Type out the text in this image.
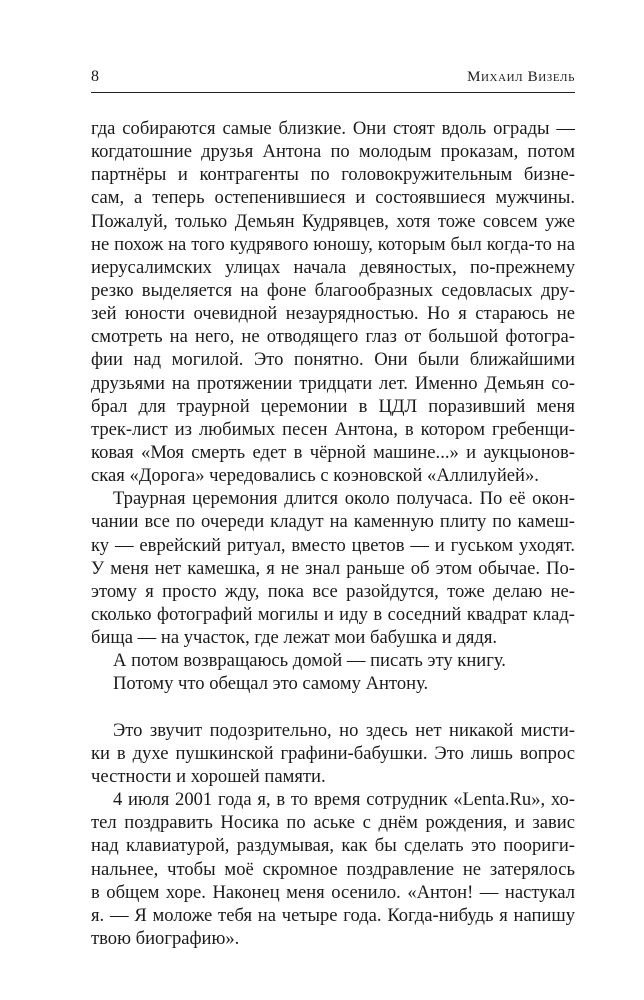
8	Михаил Визель
гда собираются самые близкие. Они стоят вдоль ограды —
когдатошние друзья Антона по молодым проказам, потом
партнёры и контрагенты по головокружительным бизне-
сам, а теперь остепенившиеся и состоявшиеся мужчины.
Пожалуй, только Демьян Кудрявцев, хотя тоже совсем уже
не похож на того кудрявого юношу, которым был когда-то на
иерусалимских улицах начала девяностых, по-прежнему
резко выделяется на фоне благообразных седовласых дру-
зей юности очевидной незаурядностью. Но я стараюсь не
смотреть на него, не отводящего глаз от большой фотогра-
фии над могилой. Это понятно. Они были ближайшими
друзьями на протяжении тридцати лет. Именно Демьян со-
брал для траурной церемонии в ЦДЛ поразивший меня
трек-лист из любимых песен Антона, в котором гребенщи-
ковая «Моя смерть едет в чёрной машине...» и аукцыонов-
ская «Дорога» чередовались с коэновской «Аллилуйей».
Траурная церемония длится около получаса. По её окон-
чании все по очереди кладут на каменную плиту по камеш-
ку — еврейский ритуал, вместо цветов — и гуськом уходят.
У меня нет камешка, я не знал раньше об этом обычае. По-
этому я просто жду, пока все разойдутся, тоже делаю не-
сколько фотографий могилы и иду в соседний квадрат клад-
бища — на участок, где лежат мои бабушка и дядя.
А потом возвращаюсь домой — писать эту книгу.
Потому что обещал это самому Антону.
Это звучит подозрительно, но здесь нет никакой мисти-
ки в духе пушкинской графини-бабушки. Это лишь вопрос
честности и хорошей памяти.
4 июля 2001 года я, в то время сотрудник «Lenta.Ru», хо-
тел поздравить Носика по аське с днём рождения, и завис
над клавиатурой, раздумывая, как бы сделать это поориги-
нальнее, чтобы моё скромное поздравление не затерялось
в общем хоре. Наконец меня осенило. «Антон! — настукал
я. — Я моложе тебя на четыре года. Когда-нибудь я напишу
твою биографию».
